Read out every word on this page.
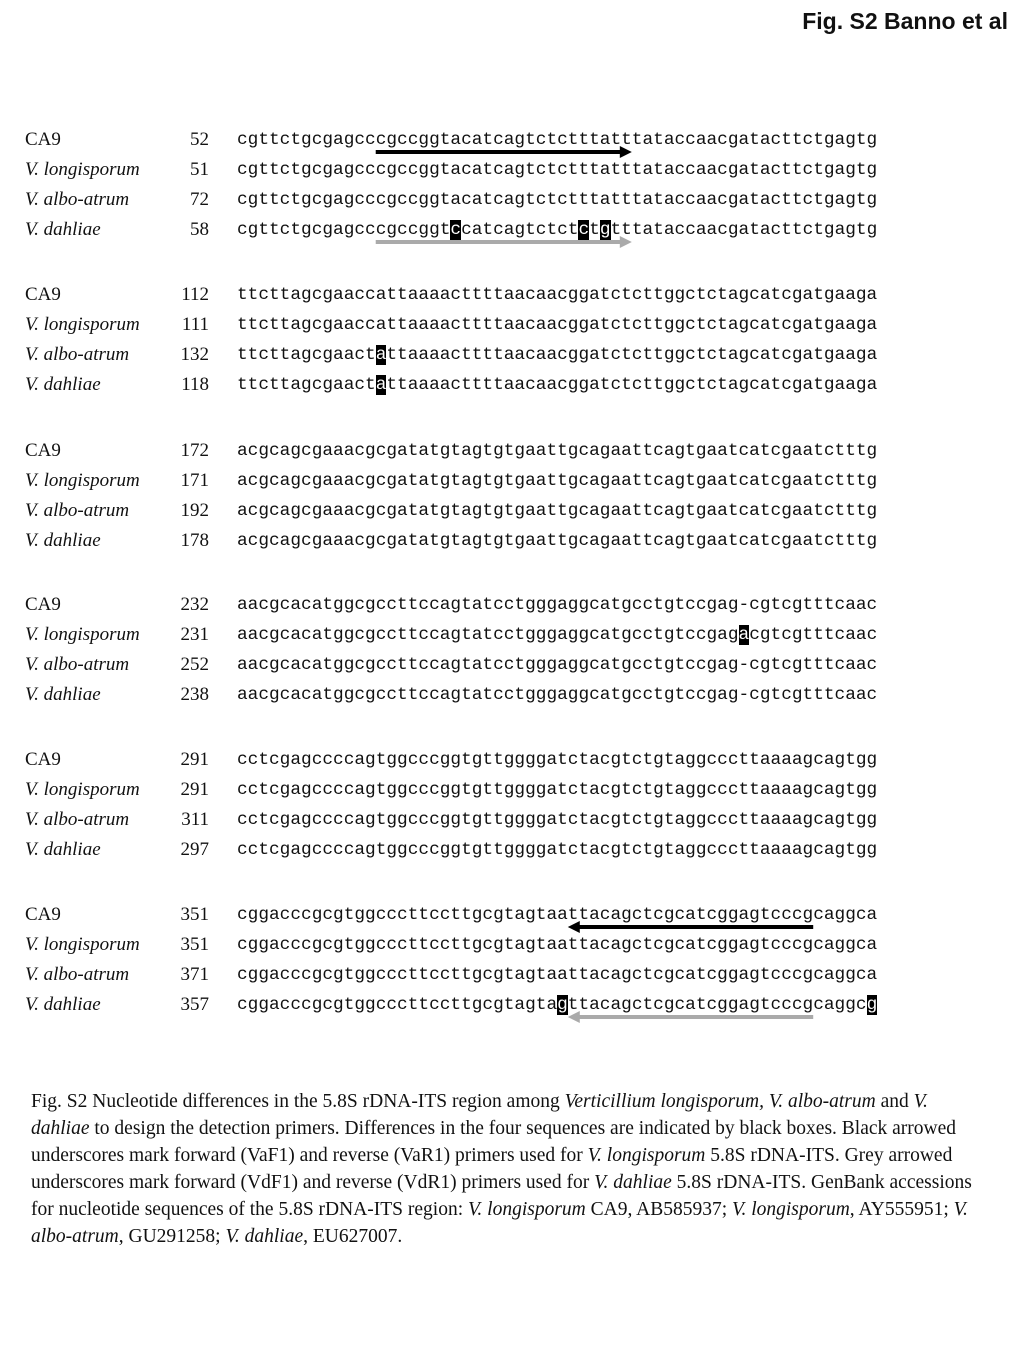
Fig. S2 Banno et al
CA9	52 cgttctgcgagcccgccggtacatcagtctctttatttataccaacgatacttctgagtg
V. longisporum	51 cgttctgcgagcccgccggtacatcagtctctttatttataccaacgatacttctgagtg
V. albo-atrum	72 cgttctgcgagcccgccggtacatcagtctctttatttataccaacgatacttctgagtg
V. dahliae	58 cgttctgcgagcccgccggtccatcagtctctctgtttataccaacgatacttctgagtg
CA9	112 ttcttagcgaaccattaaaacttttaacaacggatctcttggctctagcatcgatgaaga
V. longisporum	111 ttcttagcgaaccattaaaacttttaacaacggatctcttggctctagcatcgatgaaga
V. albo-atrum	132 ttcttagcgaactattaaaacttttaacaacggatctcttggctctagcatcgatgaaga
V. dahliae	118 ttcttagcgaactattaaaacttttaacaacggatctcttggctctagcatcgatgaaga
CA9	172 acgcagcgaaacgcgatatgtagtgtgaattgcagaattcagtgaatcatcgaatctttg
V. longisporum	171 acgcagcgaaacgcgatatgtagtgtgaattgcagaattcagtgaatcatcgaatctttg
V. albo-atrum	192 acgcagcgaaacgcgatatgtagtgtgaattgcagaattcagtgaatcatcgaatctttg
V. dahliae	178 acgcagcgaaacgcgatatgtagtgtgaattgcagaattcagtgaatcatcgaatctttg
CA9	232 aacgcacatggcgccttccagtatcctgggaggcatgcctgtccgag-cgtcgtttcaac
V. longisporum	231 aacgcacatggcgccttccagtatcctgggaggcatgcctgtccgagacgtcgtttcaac
V. albo-atrum	252 aacgcacatggcgccttccagtatcctgggaggcatgcctgtccgag-cgtcgtttcaac
V. dahliae	238 aacgcacatggcgccttccagtatcctgggaggcatgcctgtccgag-cgtcgtttcaac
CA9	291 cctcgagccccagtggcccggtgttggggatctacgtctgtaggcccttaaaagcagtgg
V. longisporum	291 cctcgagccccagtggcccggtgttggggatctacgtctgtaggcccttaaaagcagtgg
V. albo-atrum	311 cctcgagccccagtggcccggtgttggggatctacgtctgtaggcccttaaaagcagtgg
V. dahliae	297 cctcgagccccagtggcccggtgttggggatctacgtctgtaggcccttaaaagcagtgg
CA9	351 cggacccgcgtggcccttccttgcgtagtaattacagctcgcatcggagtcccgcaggca
V. longisporum	351 cggacccgcgtggcccttccttgcgtagtaattacagctcgcatcggagtcccgcaggca
V. albo-atrum	371 cggacccgcgtggcccttccttgcgtagtaattacagctcgcatcggagtcccgcaggca
V. dahliae	357 cggacccgcgtggcccttccttgcgtagtagttacagctcgcatcggagtcccgcaggcg
Fig. S2 Nucleotide differences in the 5.8S rDNA-ITS region among Verticillium longisporum, V. albo-atrum and V. dahliae to design the detection primers. Differences in the four sequences are indicated by black boxes. Black arrowed underscores mark forward (VaF1) and reverse (VaR1) primers used for V. longisporum 5.8S rDNA-ITS. Grey arrowed underscores mark forward (VdF1) and reverse (VdR1) primers used for V. dahliae 5.8S rDNA-ITS. GenBank accessions for nucleotide sequences of the 5.8S rDNA-ITS region: V. longisporum CA9, AB585937; V. longisporum, AY555951; V. albo-atrum, GU291258; V. dahliae, EU627007.
